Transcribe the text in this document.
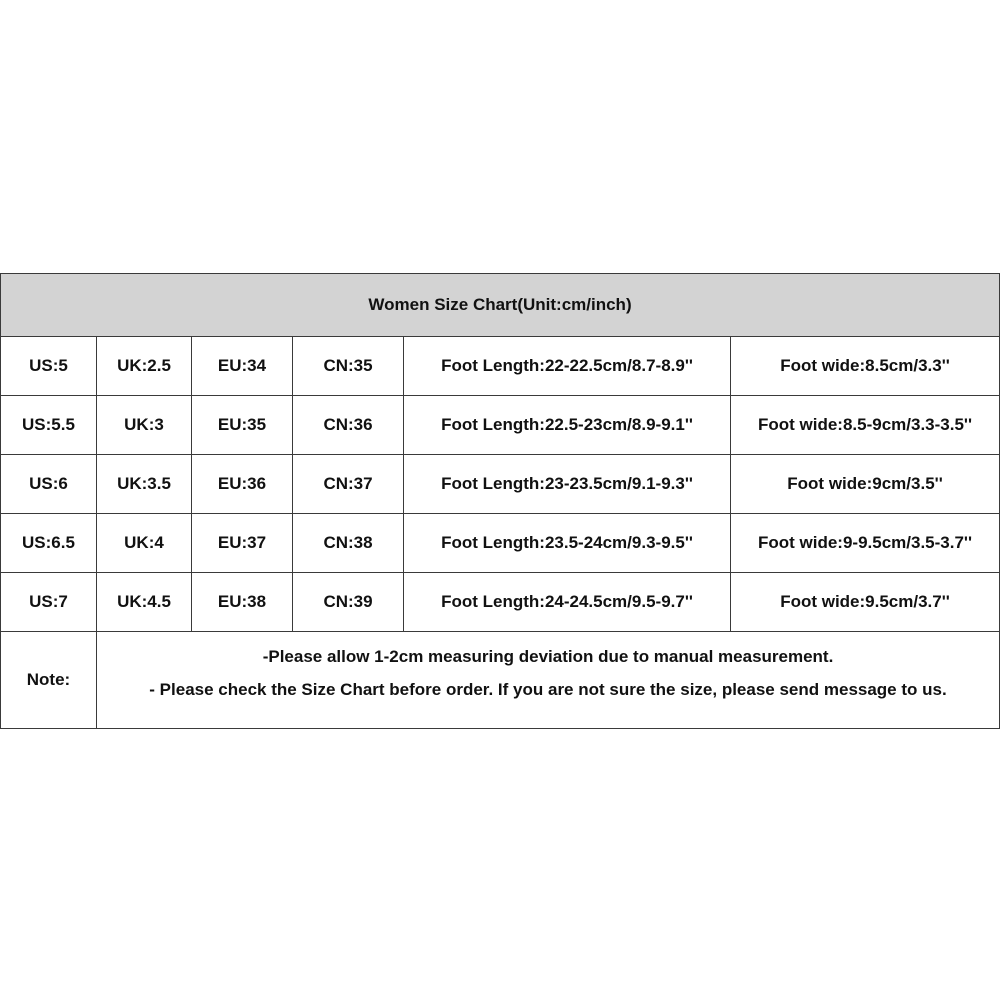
Women Size Chart(Unit:cm/inch)					
US:5	UK:2.5	EU:34	CN:35	Foot Length:22-22.5cm/8.7-8.9''	Foot wide:8.5cm/3.3''
US:5.5	UK:3	EU:35	CN:36	Foot Length:22.5-23cm/8.9-9.1''	Foot wide:8.5-9cm/3.3-3.5''
US:6	UK:3.5	EU:36	CN:37	Foot Length:23-23.5cm/9.1-9.3''	Foot wide:9cm/3.5''
US:6.5	UK:4	EU:37	CN:38	Foot Length:23.5-24cm/9.3-9.5''	Foot wide:9-9.5cm/3.5-3.7''
US:7	UK:4.5	EU:38	CN:39	Foot Length:24-24.5cm/9.5-9.7''	Foot wide:9.5cm/3.7''
Note:	-Please allow 1-2cm measuring deviation due to manual measurement.
- Please check the Size Chart before order. If you are not sure the size, please send message to us.				
